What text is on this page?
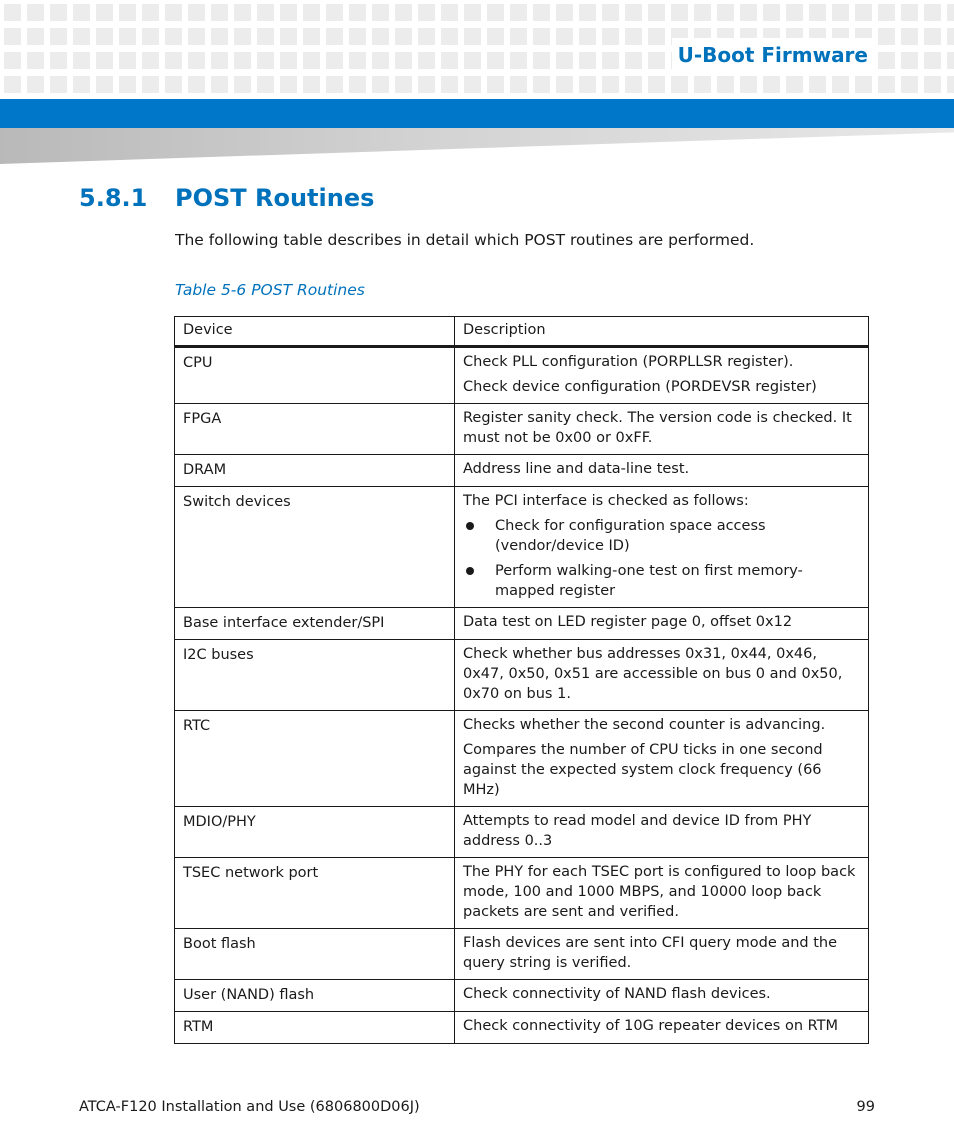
U-Boot Firmware
5.8.1 POST Routines
The following table describes in detail which POST routines are performed.
Table 5-6 POST Routines
Device	Description
CPU	Check PLL configuration (PORPLLSR register).
Check device configuration (PORDEVSR register)

FPGA	Register sanity check. The version code is checked. It must not be 0x00 or 0xFF.

DRAM	Address line and data-line test.

Switch devices	The PCI interface is checked as follows:
Check for configuration space access (vendor/device ID)
Perform walking-one test on first memory-mapped register

Base interface extender/SPI	Data test on LED register page 0, offset 0x12

I2C buses	Check whether bus addresses 0x31, 0x44, 0x46, 0x47, 0x50, 0x51 are accessible on bus 0 and 0x50, 0x70 on bus 1.

RTC	Checks whether the second counter is advancing.
Compares the number of CPU ticks in one second against the expected system clock frequency (66 MHz)

MDIO/PHY	Attempts to read model and device ID from PHY address 0..3

TSEC network port	The PHY for each TSEC port is configured to loop back mode, 100 and 1000 MBPS, and 10000 loop back packets are sent and verified.

Boot flash	Flash devices are sent into CFI query mode and the query string is verified.

User (NAND) flash	Check connectivity of NAND flash devices.

RTM	Check connectivity of 10G repeater devices on RTM
ATCA-F120 Installation and Use (6806800D06J)	99
